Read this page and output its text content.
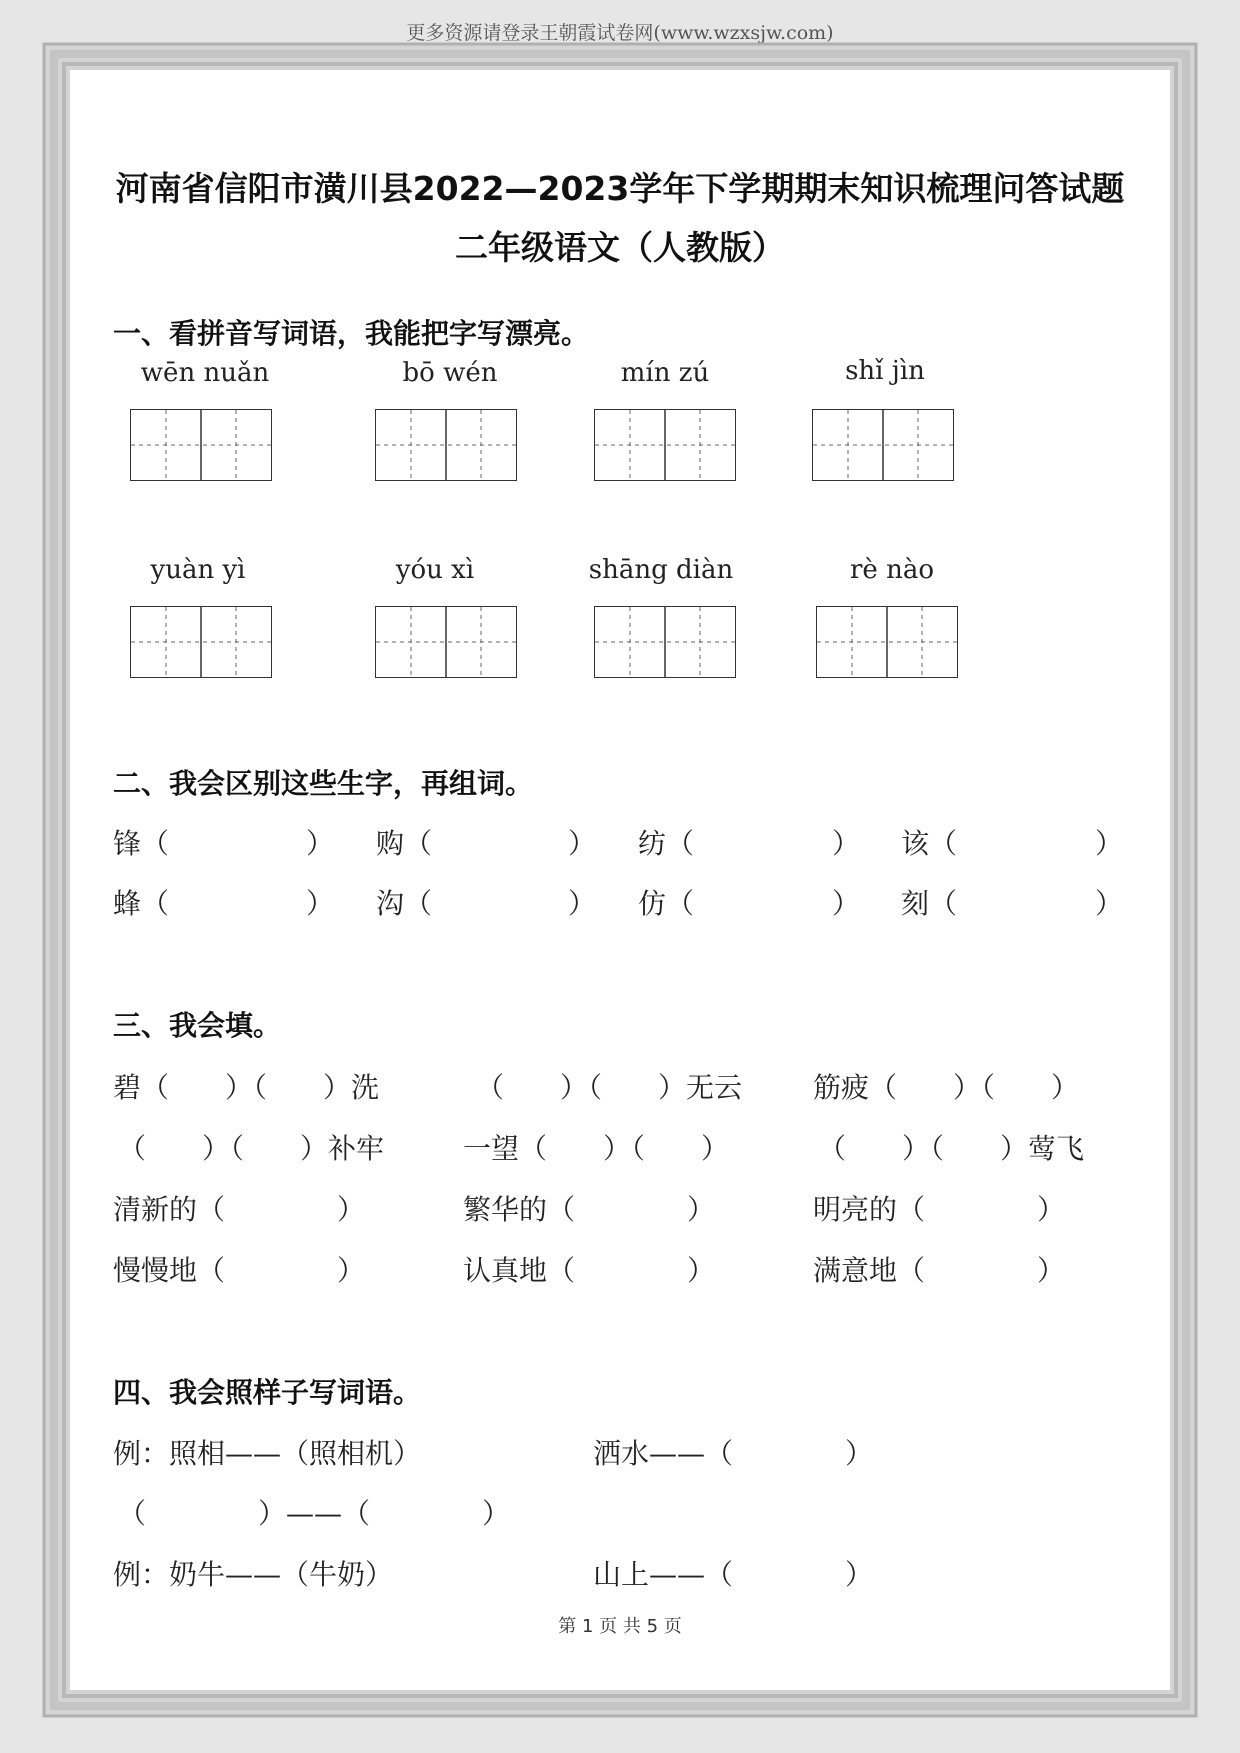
更多资源请登录王朝霞试卷网(www.wzxsjw.com)
河南省信阳市潢川县2022—2023学年下学期期末知识梳理问答试题
二年级语文（人教版）
一、看拼音写词语，我能把字写漂亮。
wēn nuǎn	bō wén	mín zú	shǐ jìn
yuàn yì	yóu xì	shāng diàn	rè nào
二、我会区别这些生字，再组词。
锋（	） 购（	） 纺（	） 该（	）
蜂（	） 沟（	） 仿（	） 刻（	）
三、我会填。
碧（　　）（　　）洗	（　　）（　　）无云	筋疲（　　）（　　）
（　　）（　　）补牢	一望（　　）（　　）	（　　）（　　）莺飞
清新的（　　　　）	繁华的（　　　　）	明亮的（　　　　）
慢慢地（　　　　）	认真地（　　　　）	满意地（　　　　）
四、我会照样子写词语。
例：照相——（照相机）	洒水——（　　　　）
（　　　　）——（　　　　）
例：奶牛——（牛奶）	山上——（　　　　）
第 1 页 共 5 页
